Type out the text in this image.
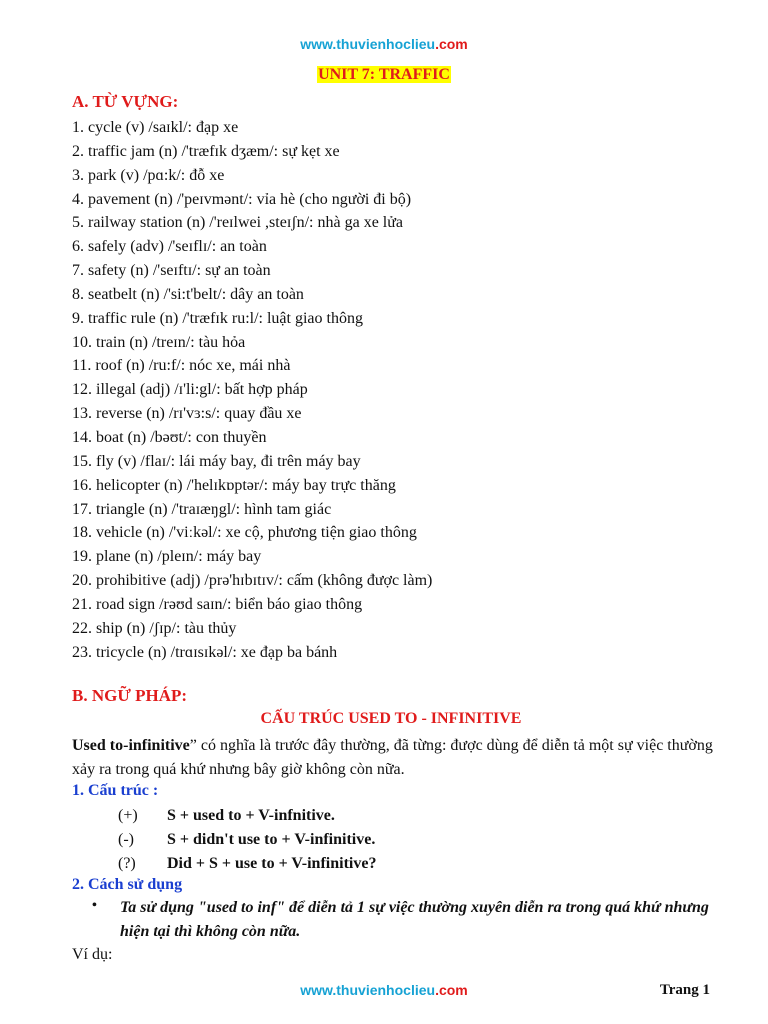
www.thuvienhoclieu.com
UNIT 7: TRAFFIC
A. TỪ VỰNG:
1. cycle (v) /saɪkl/: đạp xe
2. traffic jam (n) /'træfɪk dʒæm/: sự kẹt xe
3. park (v) /pɑ:k/: đỗ xe
4. pavement (n) /'peɪvmənt/: vỉa hè (cho người đi bộ)
5. railway station (n) /'reɪlwei ,steɪʃn/: nhà ga xe lửa
6. safely (adv) /'seɪflɪ/: an toàn
7. safety (n) /'seɪftɪ/: sự an toàn
8. seatbelt (n) /'si:t'belt/: dây an toàn
9. traffic rule (n) /'træfɪk ru:l/: luật giao thông
10. train (n) /treɪn/: tàu hỏa
11. roof (n) /ru:f/: nóc xe, mái nhà
12. illegal (adj) /ɪ'li:gl/: bất hợp pháp
13. reverse (n) /rɪ'vɜ:s/: quay đầu xe
14. boat (n) /bəʊt/: con thuyền
15. fly (v) /flaɪ/: lái máy bay, đi trên máy bay
16. helicopter (n) /'helɪkɒptər/: máy bay trực thăng
17. triangle (n) /'traɪæŋgl/: hình tam giác
18. vehicle (n) /'viːkəl/: xe cộ, phương tiện giao thông
19. plane (n) /pleɪn/: máy bay
20. prohibitive (adj) /prə'hɪbɪtɪv/: cấm (không được làm)
21. road sign /rəʊd saɪn/: biển báo giao thông
22. ship (n) /ʃɪp/: tàu thủy
23. tricycle (n) /trɑɪsɪkəl/: xe đạp ba bánh
B. NGỮ PHÁP:
CẤU TRÚC USED TO - INFINITIVE
Used to-infinitive” có nghĩa là trước đây thường, đã từng: được dùng để diễn tả một sự việc thường xảy ra trong quá khứ nhưng bây giờ không còn nữa.
1. Cấu trúc :
(+) S + used to + V-infnitive.
(-) S + didn't use to + V-infinitive.
(?) Did + S + use to + V-infinitive?
2. Cách sử dụng
• Ta sử dụng "used to inf" để diễn tả 1 sự việc thường xuyên diễn ra trong quá khứ nhưng hiện tại thì không còn nữa.
Ví dụ:
www.thuvienhoclieu.com	Trang 1
